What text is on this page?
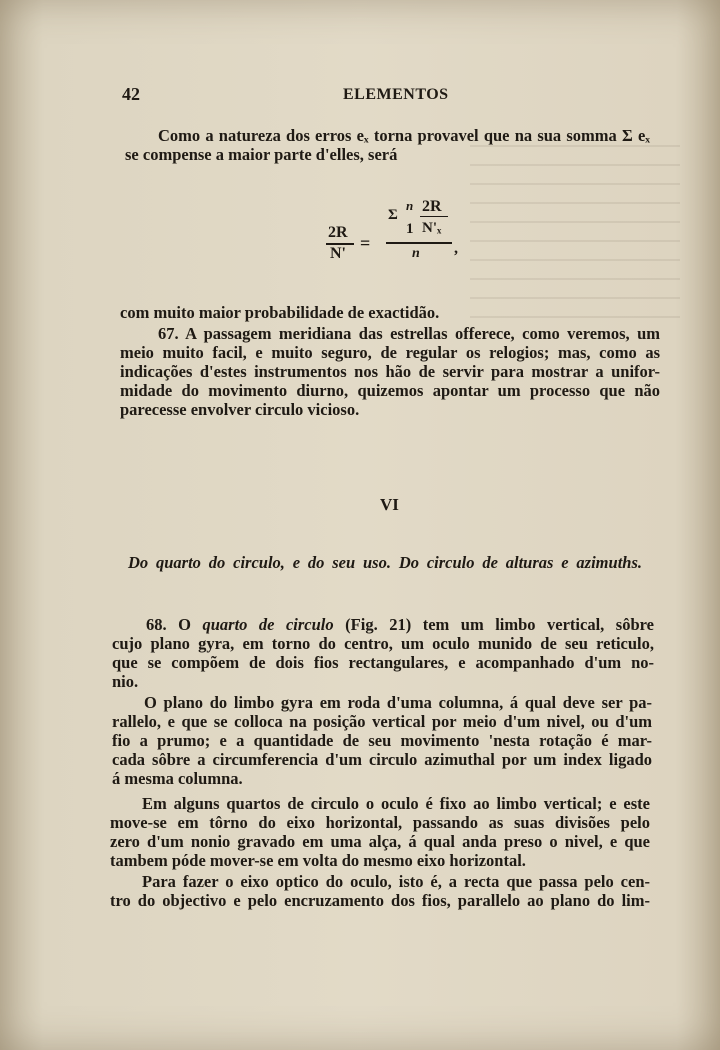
42	ELEMENTOS
Como a natureza dos erros eₓ torna provavel que na sua somma Σ eₓ
se compense a maior parte d'elles, será
2R
N'
=
Σ
n
1
2R
N'ₓ
n ,
com muito maior probabilidade de exactidão.
67. A passagem meridiana das estrellas offerece, como veremos, um
meio muito facil, e muito seguro, de regular os relogios; mas, como as
indicações d'estes instrumentos nos hão de servir para mostrar a unifor-
midade do movimento diurno, quizemos apontar um processo que não
parecesse envolver circulo vicioso.
VI
Do quarto do circulo, e do seu uso. Do circulo de alturas e azimuths.
68. O quarto de circulo (Fig. 21) tem um limbo vertical, sôbre
cujo plano gyra, em torno do centro, um oculo munido de seu reticulo,
que se compõem de dois fios rectangulares, e acompanhado d'um no-
nio.
O plano do limbo gyra em roda d'uma columna, á qual deve ser pa-
rallelo, e que se colloca na posição vertical por meio d'um nivel, ou d'um
fio a prumo; e a quantidade de seu movimento 'nesta rotação é mar-
cada sôbre a circumferencia d'um circulo azimuthal por um index ligado
á mesma columna.
Em alguns quartos de circulo o oculo é fixo ao limbo vertical; e este
move-se em tôrno do eixo horizontal, passando as suas divisões pelo
zero d'um nonio gravado em uma alça, á qual anda preso o nivel, e que
tambem póde mover-se em volta do mesmo eixo horizontal.
Para fazer o eixo optico do oculo, isto é, a recta que passa pelo cen-
tro do objectivo e pelo encruzamento dos fios, parallelo ao plano do lim-
